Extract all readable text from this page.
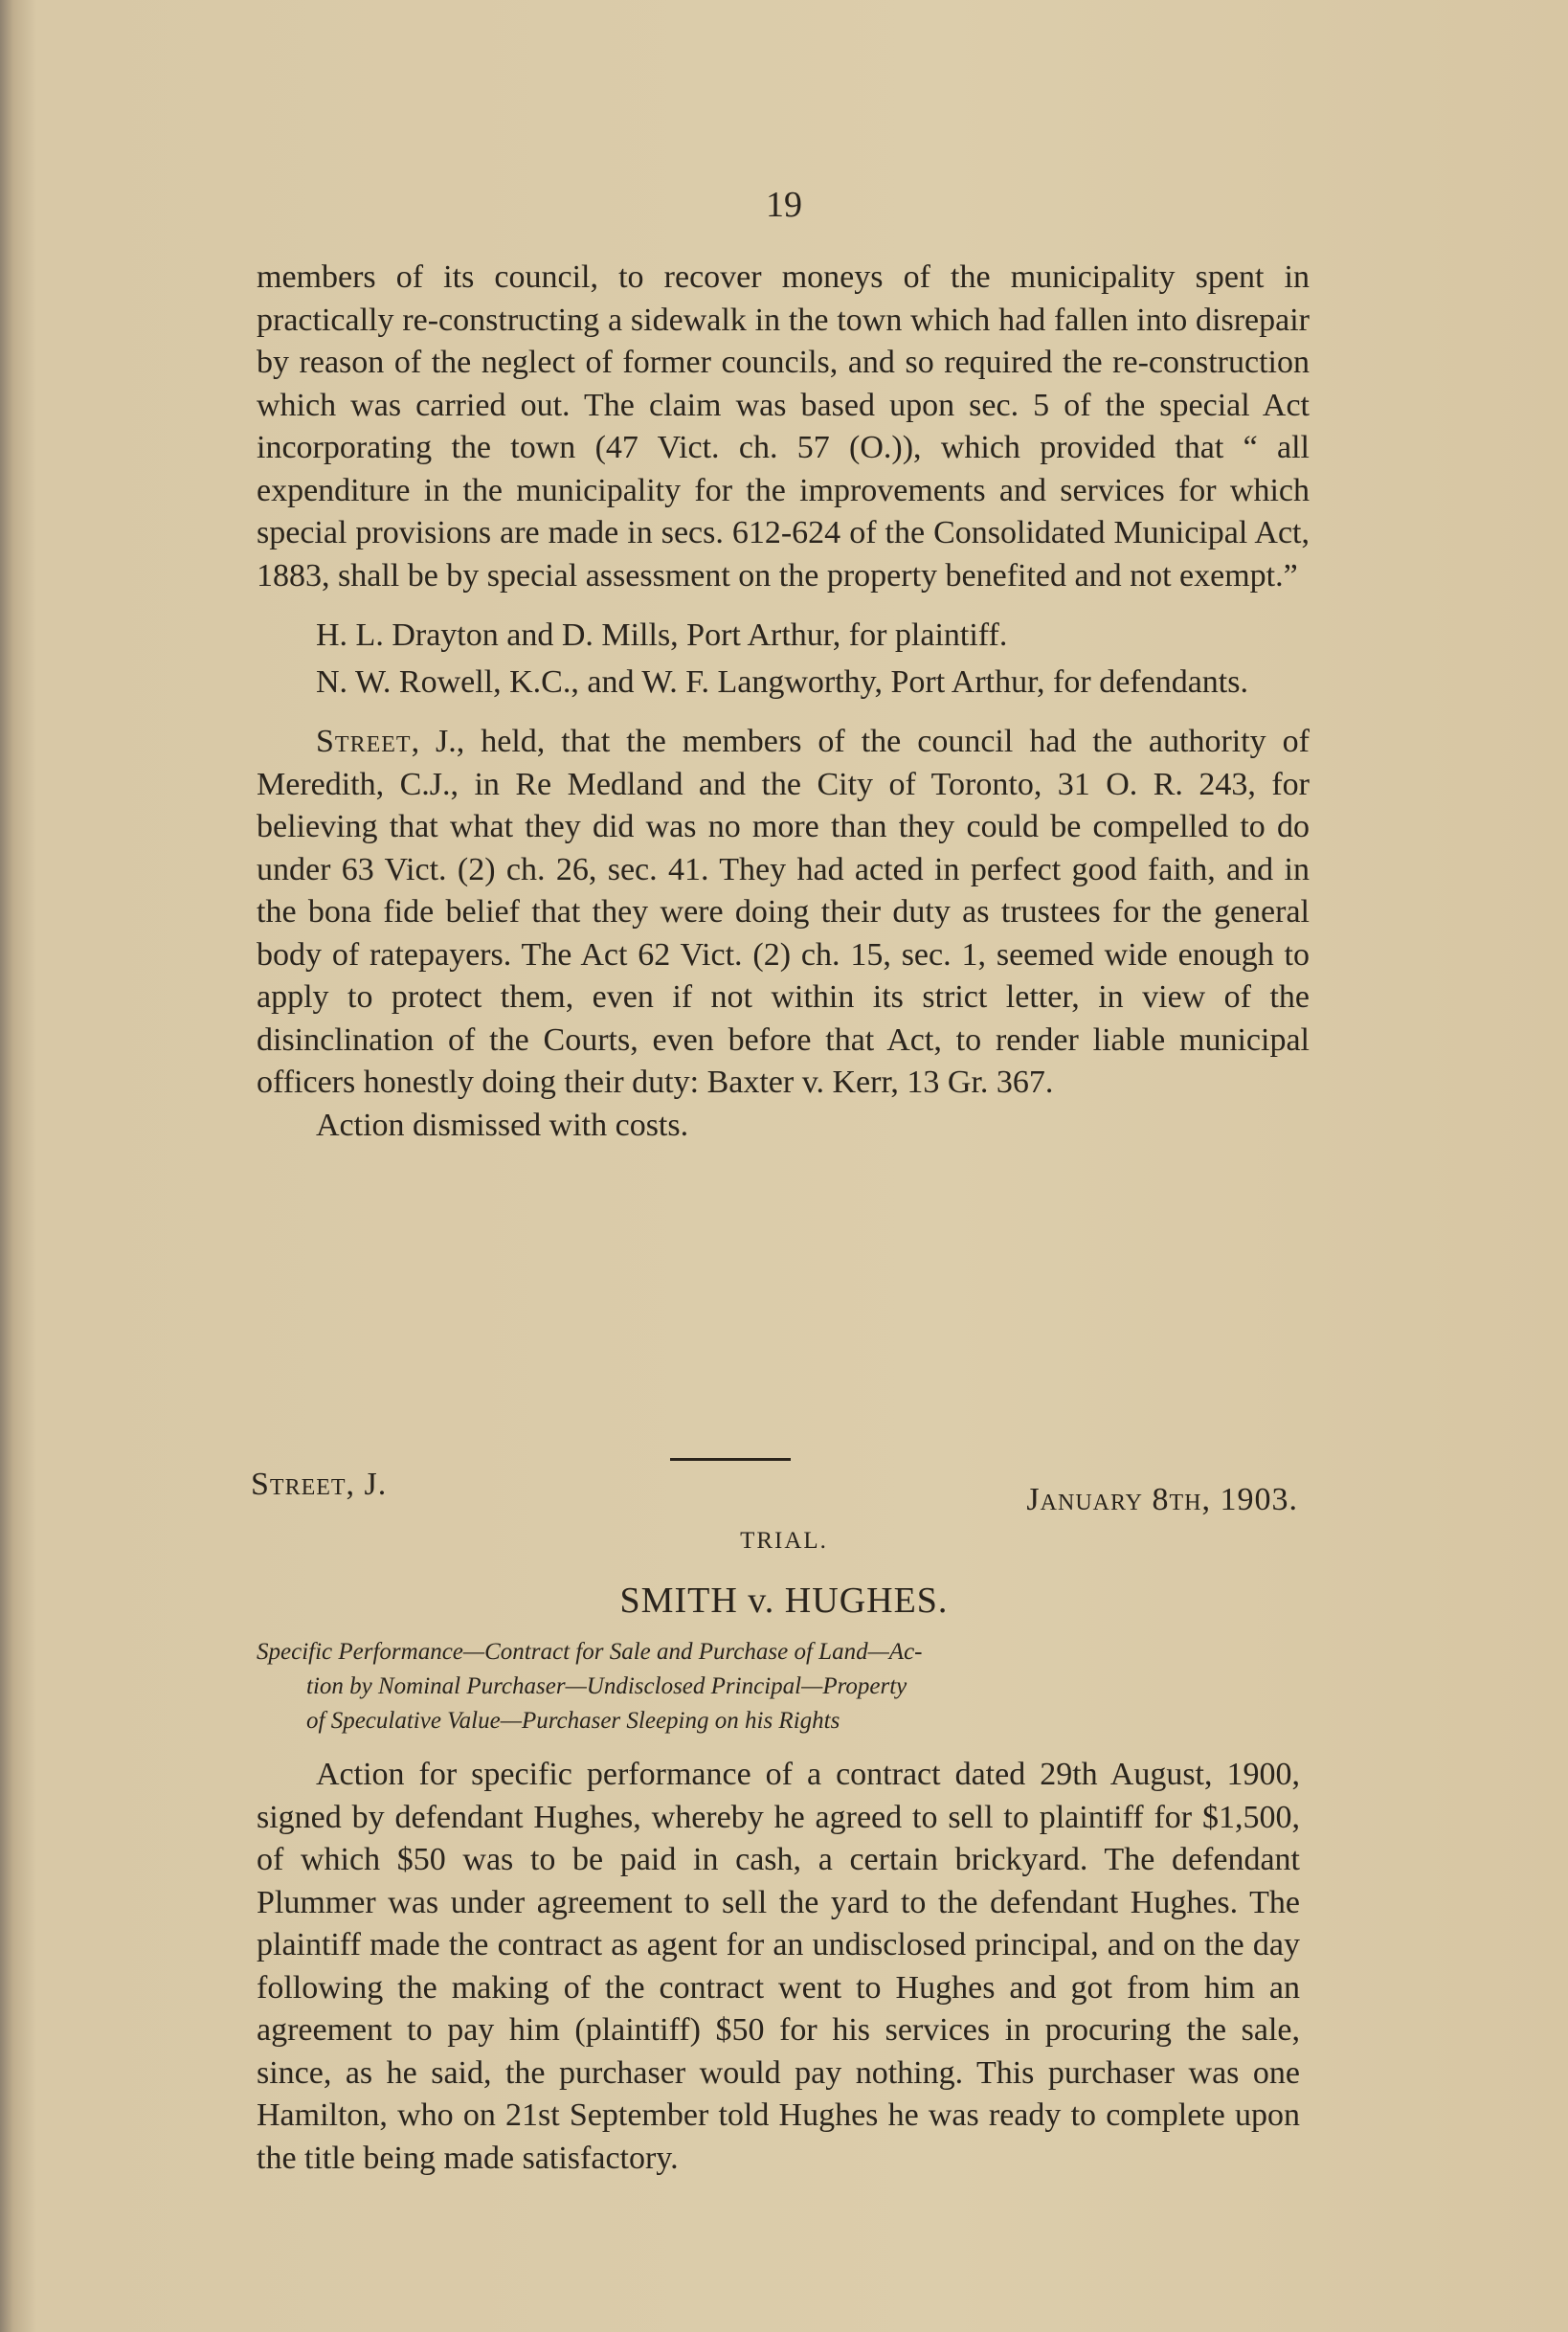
19

members of its council, to recover moneys of the municipality spent in practically re-constructing a sidewalk in the town which had fallen into disrepair by reason of the neglect of former councils, and so required the re-construction which was carried out. The claim was based upon sec. 5 of the special Act incorporating the town (47 Vict. ch. 57 (O.)), which provided that “ all expenditure in the municipality for the improvements and services for which special provisions are made in secs. 612-624 of the Consolidated Municipal Act, 1883, shall be by special assessment on the property benefited and not exempt.”

H. L. Drayton and D. Mills, Port Arthur, for plaintiff.

N. W. Rowell, K.C., and W. F. Langworthy, Port Arthur, for defendants.

Street, J., held, that the members of the council had the authority of Meredith, C.J., in Re Medland and the City of Toronto, 31 O. R. 243, for believing that what they did was no more than they could be compelled to do under 63 Vict. (2) ch. 26, sec. 41. They had acted in perfect good faith, and in the bona fide belief that they were doing their duty as trustees for the general body of ratepayers. The Act 62 Vict. (2) ch. 15, sec. 1, seemed wide enough to apply to protect them, even if not within its strict letter, in view of the disinclination of the Courts, even before that Act, to render liable municipal officers honestly doing their duty: Baxter v. Kerr, 13 Gr. 367.

Action dismissed with costs.

Street, J.	January 8th, 1903.
TRIAL.
SMITH v. HUGHES.
Specific Performance—Contract for Sale and Purchase of Land—Ac-
tion by Nominal Purchaser—Undisclosed Principal—Property
of Speculative Value—Purchaser Sleeping on his Rights

Action for specific performance of a contract dated 29th August, 1900, signed by defendant Hughes, whereby he agreed to sell to plaintiff for $1,500, of which $50 was to be paid in cash, a certain brickyard. The defendant Plummer was under agreement to sell the yard to the defendant Hughes. The plaintiff made the contract as agent for an undisclosed principal, and on the day following the making of the contract went to Hughes and got from him an agreement to pay him (plaintiff) $50 for his services in procuring the sale, since, as he said, the purchaser would pay nothing. This purchaser was one Hamilton, who on 21st September told Hughes he was ready to complete upon the title being made satisfactory.
